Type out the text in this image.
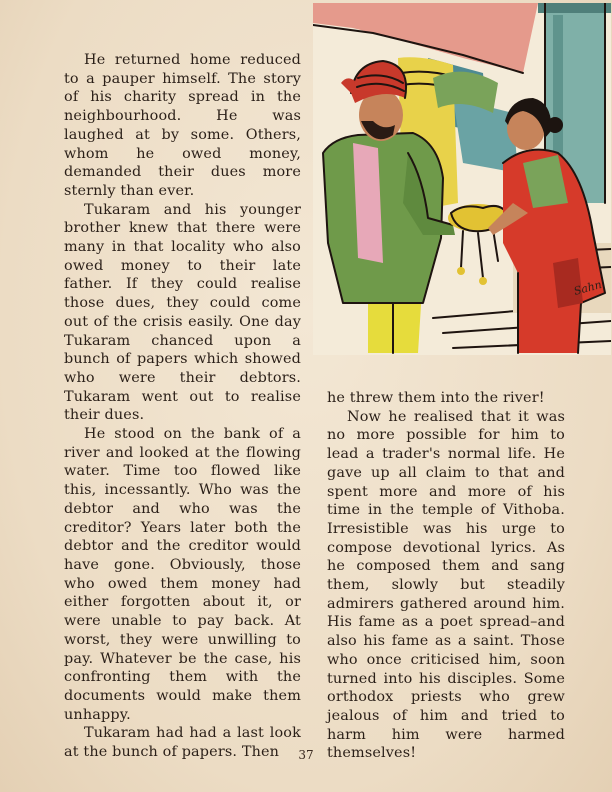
Sahn

He returned home reduced to a pauper himself. The story of his charity spread in the neighbourhood. He was laughed at by some. Others, whom he owed money, demanded their dues more sternly than ever.

Tukaram and his younger brother knew that there were many in that locality who also owed money to their late father. If they could realise those dues, they could come out of the crisis easily. One day Tukaram chanced upon a bunch of papers which showed who were their debtors. Tukaram went out to realise their dues.

He stood on the bank of a river and looked at the flowing water. Time too flowed like this, incessantly. Who was the debtor and who was the creditor? Years later both the debtor and the creditor would have gone. Obviously, those who owed them money had either forgotten about it, or were unable to pay back. At worst, they were unwilling to pay. Whatever be the case, his confronting them with the documents would make them unhappy.

Tukaram had had a last look at the bunch of papers. Then

he threw them into the river!

Now he realised that it was no more possible for him to lead a trader's normal life. He gave up all claim to that and spent more and more of his time in the temple of Vithoba. Irresistible was his urge to compose devotional lyrics. As he composed them and sang them, slowly but steadily admirers gathered around him. His fame as a poet spread–and also his fame as a saint. Those who once criticised him, soon turned into his disciples. Some orthodox priests who grew jealous of him and tried to harm him were harmed themselves!

37
